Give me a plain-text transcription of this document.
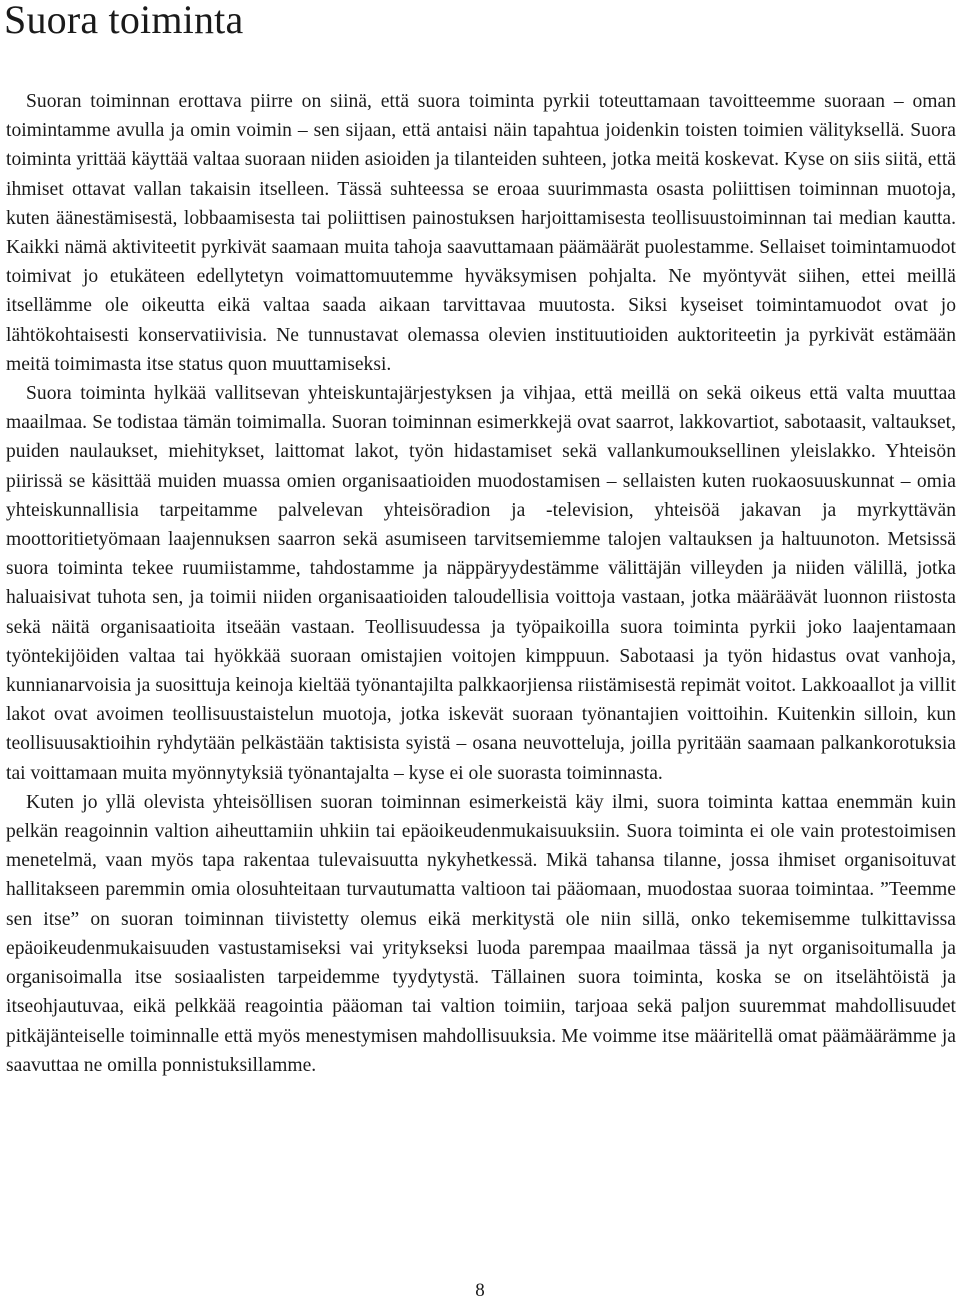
Suora toiminta

Suoran toiminnan erottava piirre on siinä, että suora toiminta pyrkii toteuttamaan tavoitteemme suoraan – oman toimintamme avulla ja omin voimin – sen sijaan, että antaisi näin tapahtua joidenkin toisten toimien välityksellä. Suora toiminta yrittää käyttää valtaa suoraan niiden asioiden ja tilanteiden suhteen, jotka meitä koskevat. Kyse on siis siitä, että ihmiset ottavat vallan takaisin itselleen. Tässä suhteessa se eroaa suurimmasta osasta poliittisen toiminnan muotoja, kuten äänestämisestä, lobbaamisesta tai poliittisen painostuksen harjoittamisesta teollisuustoiminnan tai median kautta. Kaikki nämä aktiviteetit pyrkivät saamaan muita tahoja saavuttamaan päämäärät puolestamme. Sellaiset toimintamuodot toimivat jo etukäteen edellytetyn voimattomuutemme hyväksymisen pohjalta. Ne myöntyvät siihen, ettei meillä itsellämme ole oikeutta eikä valtaa saada aikaan tarvittavaa muutosta. Siksi kyseiset toimintamuodot ovat jo lähtökohtaisesti konservatiivisia. Ne tunnustavat olemassa olevien instituutioiden auktoriteetin ja pyrkivät estämään meitä toimimasta itse status quon muuttamiseksi.

Suora toiminta hylkää vallitsevan yhteiskuntajärjestyksen ja vihjaa, että meillä on sekä oikeus että valta muuttaa maailmaa. Se todistaa tämän toimimalla. Suoran toiminnan esimerkkejä ovat saarrot, lakkovartiot, sabotaasit, valtaukset, puiden naulaukset, miehitykset, laittomat lakot, työn hidastamiset sekä vallankumouksellinen yleislakko. Yhteisön piirissä se käsittää muiden muassa omien organisaatioiden muodostamisen – sellaisten kuten ruokaosuuskunnat – omia yhteiskunnallisia tarpeitamme palvelevan yhteisöradion ja -television, yhteisöä jakavan ja myrkyttävän moottoritietyömaan laajennuksen saarron sekä asumiseen tarvitsemiemme talojen valtauksen ja haltuunoton. Metsissä suora toiminta tekee ruumiistamme, tahdostamme ja näppäryydestämme välittäjän villeyden ja niiden välillä, jotka haluaisivat tuhota sen, ja toimii niiden organisaatioiden taloudellisia voittoja vastaan, jotka määräävät luonnon riistosta sekä näitä organisaatioita itseään vastaan. Teollisuudessa ja työpaikoilla suora toiminta pyrkii joko laajentamaan työntekijöiden valtaa tai hyökkää suoraan omistajien voitojen kimppuun. Sabotaasi ja työn hidastus ovat vanhoja, kunnianarvoisia ja suosittuja keinoja kieltää työnantajilta palkkaorjiensa riistämisestä repimät voitot. Lakkoaallot ja villit lakot ovat avoimen teollisuustaistelun muotoja, jotka iskevät suoraan työnantajien voittoihin. Kuitenkin silloin, kun teollisuusaktioihin ryhdytään pelkästään taktisista syistä – osana neuvotteluja, joilla pyritään saamaan palkankorotuksia tai voittamaan muita myönnytyksiä työnantajalta – kyse ei ole suorasta toiminnasta.

Kuten jo yllä olevista yhteisöllisen suoran toiminnan esimerkeistä käy ilmi, suora toiminta kattaa enemmän kuin pelkän reagoinnin valtion aiheuttamiin uhkiin tai epäoikeudenmukaisuuksiin. Suora toiminta ei ole vain protestoimisen menetelmä, vaan myös tapa rakentaa tulevaisuutta nykyhetkessä. Mikä tahansa tilanne, jossa ihmiset organisoituvat hallitakseen paremmin omia olosuhteitaan turvautumatta valtioon tai pääomaan, muodostaa suoraa toimintaa. ”Teemme sen itse” on suoran toiminnan tiivistetty olemus eikä merkitystä ole niin sillä, onko tekemisemme tulkittavissa epäoikeudenmukaisuuden vastustamiseksi vai yritykseksi luoda parempaa maailmaa tässä ja nyt organisoitumalla ja organisoimalla itse sosiaalisten tarpeidemme tyydytystä. Tällainen suora toiminta, koska se on itselähtöistä ja itseohjautuvaa, eikä pelkkää reagointia pääoman tai valtion toimiin, tarjoaa sekä paljon suuremmat mahdollisuudet pitkäjänteiselle toiminnalle että myös menestymisen mahdollisuuksia. Me voimme itse määritellä omat päämäärämme ja saavuttaa ne omilla ponnistuksillamme.

8
